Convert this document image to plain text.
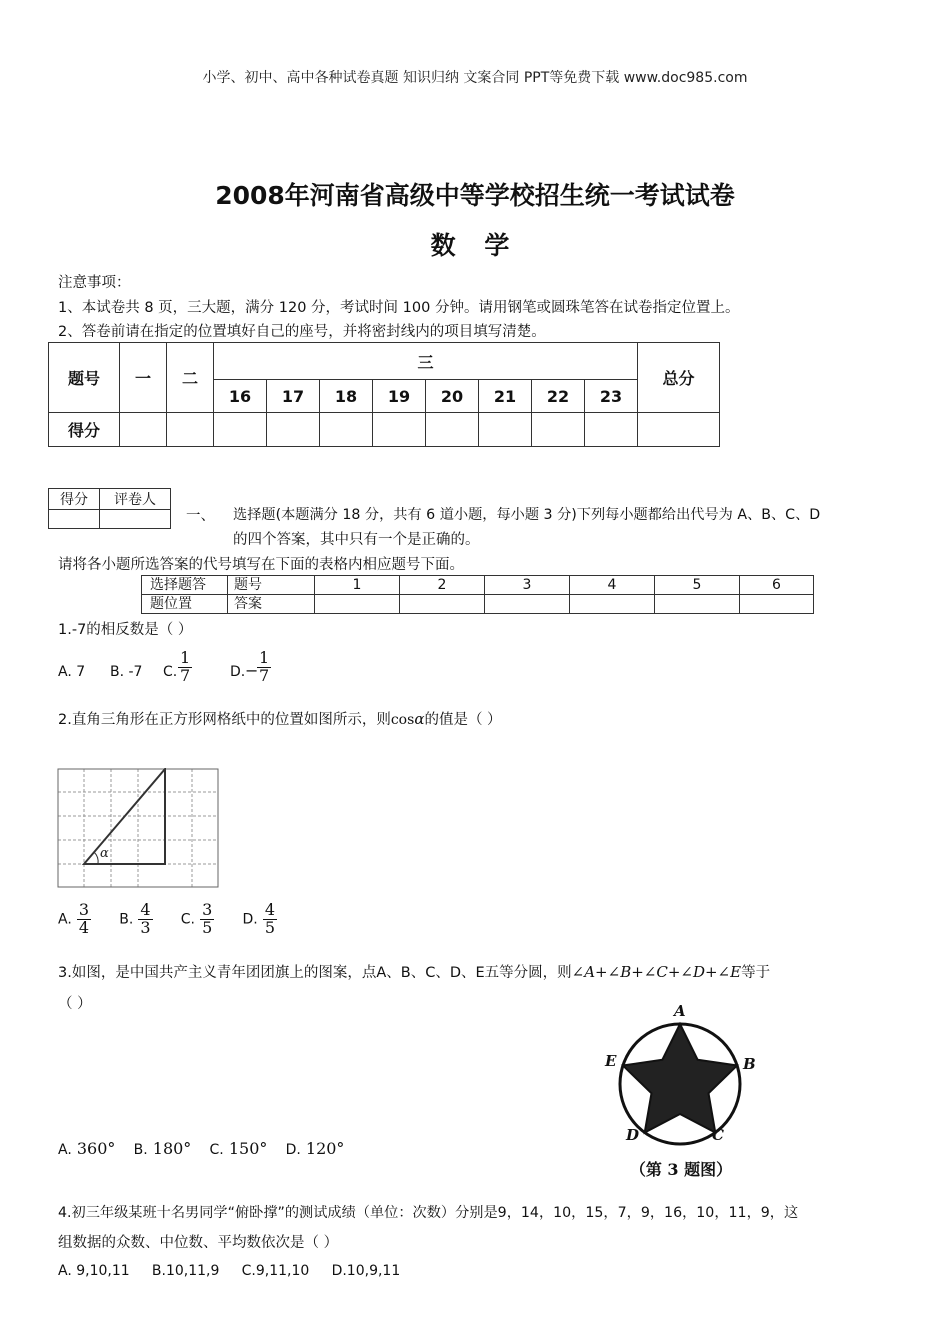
小学、初中、高中各种试卷真题 知识归纳 文案合同 PPT等免费下载 www.doc985.com
2008年河南省高级中等学校招生统一考试试卷
数 学
注意事项：
1、本试卷共 8 页，三大题，满分 120 分，考试时间 100 分钟。请用钢笔或圆珠笔答在试卷指定位置上。
2、答卷前请在指定的位置填好自己的座号，并将密封线内的项目填写清楚。
题号	一	二	三								总分
			16	17	18	19	20	21	22	23	
得分											
得分	评卷人

一、 选择题(本题满分 18 分，共有 6 道小题，每小题 3 分)下列每小题都给出代号为 A、B、C、D
的四个答案，其中只有一个是正确的。
请将各小题所选答案的代号填写在下面的表格内相应题号下面。
选择题答	题号	1	2	3	4	5	6
题位置	答案						
1.-7的相反数是（ ）
A. 7 B. -7 C. $\frac{1}{7}$	D. −
$\frac{1}{7}$
2.直角三角形在正方形网格纸中的位置如图所示，则cosα的值是（ ）
α
A. $\frac{3}{4} B$. $\frac{4}{3} C$. $\frac{3}{5} D$. $\frac{4}{5}$
3.如图，是中国共产主义青年团团旗上的图案，点A、B、C、D、E五等分圆，则∠A+∠B+∠C+∠D+∠E等于
（ ）	A
B
C
D
E
（第 3 题图）
A. 360° B. 180° C. 150° D. 120°
4.初三年级某班十名男同学“俯卧撑”的测试成绩（单位：次数）分别是9，14，10，15，7，9，16，10，11，9，这
组数据的众数、中位数、平均数依次是（ ）
A. 9,10,11     B.10,11,9     C.9,11,10     D.10,9,11
